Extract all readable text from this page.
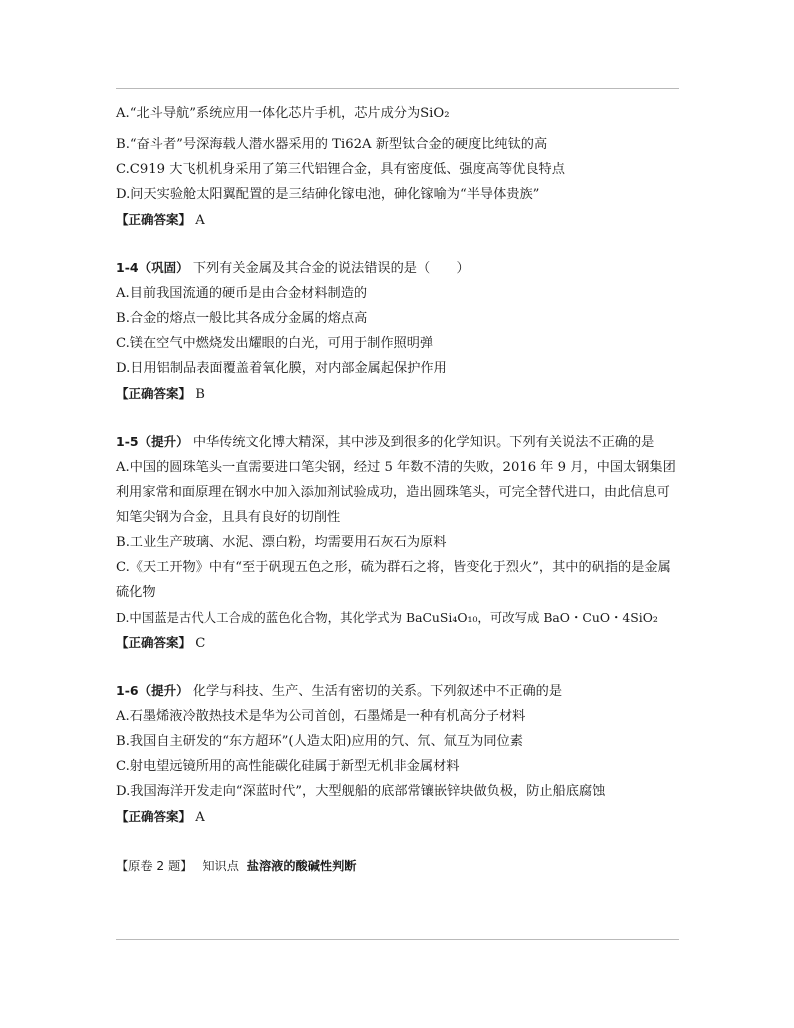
A.“北斗导航”系统应用一体化芯片手机，芯片成分为SiO₂
B.“奋斗者”号深海载人潜水器采用的 Ti62A 新型钛合金的硬度比纯钛的高
C.C919 大飞机机身采用了第三代铝锂合金，具有密度低、强度高等优良特点
D.问天实验舱太阳翼配置的是三结砷化镓电池，砷化镓喻为“半导体贵族”
【正确答案】 A
1-4（巩固） 下列有关金属及其合金的说法错误的是（　　）
A.目前我国流通的硬币是由合金材料制造的
B.合金的熔点一般比其各成分金属的熔点高
C.镁在空气中燃烧发出耀眼的白光，可用于制作照明弹
D.日用铝制品表面覆盖着氧化膜，对内部金属起保护作用
【正确答案】 B
1-5（提升） 中华传统文化博大精深，其中涉及到很多的化学知识。下列有关说法不正确的是
A.中国的圆珠笔头一直需要进口笔尖钢，经过 5 年数不清的失败，2016 年 9 月，中国太钢集团利用家常和面原理在钢水中加入添加剂试验成功，造出圆珠笔头，可完全替代进口，由此信息可知笔尖钢为合金，且具有良好的切削性
B.工业生产玻璃、水泥、漂白粉，均需要用石灰石为原料
C.《天工开物》中有“至于矾现五色之形，硫为群石之将，皆变化于烈火”，其中的矾指的是金属硫化物
D.中国蓝是古代人工合成的蓝色化合物，其化学式为 BaCuSi₄O₁₀，可改写成 BaO・CuO・4SiO₂
【正确答案】 C
1-6（提升） 化学与科技、生产、生活有密切的关系。下列叙述中不正确的是
A.石墨烯液冷散热技术是华为公司首创，石墨烯是一种有机高分子材料
B.我国自主研发的“东方超环”(人造太阳)应用的氕、氘、氚互为同位素
C.射电望远镜所用的高性能碳化硅属于新型无机非金属材料
D.我国海洋开发走向“深蓝时代”，大型舰船的底部常镶嵌锌块做负极，防止船底腐蚀
【正确答案】 A
【原卷 2 题】 知识点 盐溶液的酸碱性判断
